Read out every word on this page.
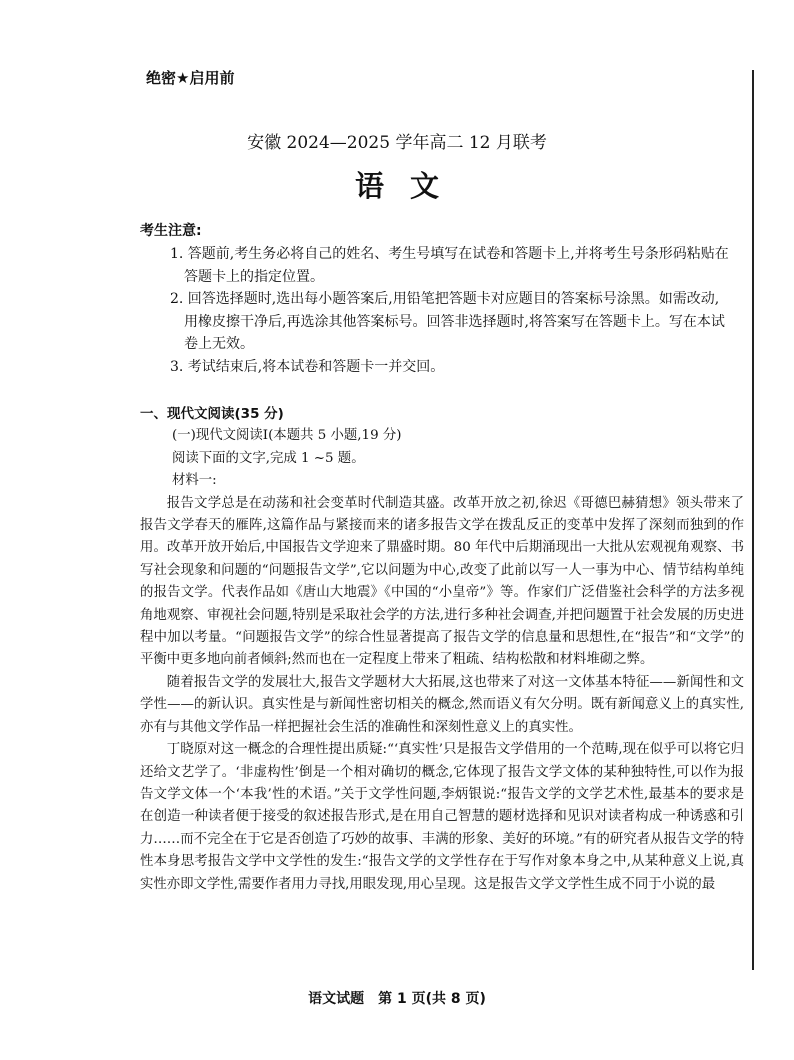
绝密★启用前
安徽 2024—2025 学年高二 12 月联考
语文
考生注意:
1. 答题前,考生务必将自己的姓名、考生号填写在试卷和答题卡上,并将考生号条形码粘贴在答题卡上的指定位置。
2. 回答选择题时,选出每小题答案后,用铅笔把答题卡对应题目的答案标号涂黑。如需改动,用橡皮擦干净后,再选涂其他答案标号。回答非选择题时,将答案写在答题卡上。写在本试卷上无效。
3. 考试结束后,将本试卷和答题卡一并交回。

一、现代文阅读(35 分)

(一)现代文阅读Ⅰ(本题共 5 小题,19 分)

阅读下面的文字,完成 1 ~5 题。

材料一:

报告文学总是在动荡和社会变革时代制造其盛。改革开放之初,徐迟《哥德巴赫猜想》领头带来了报告文学春天的雁阵,这篇作品与紧接而来的诸多报告文学在拨乱反正的变革中发挥了深刻而独到的作用。改革开放开始后,中国报告文学迎来了鼎盛时期。80 年代中后期涌现出一大批从宏观视角观察、书写社会现象和问题的“问题报告文学”,它以问题为中心,改变了此前以写一人一事为中心、情节结构单纯的报告文学。代表作品如《唐山大地震》《中国的“小皇帝”》等。作家们广泛借鉴社会科学的方法多视角地观察、审视社会问题,特别是采取社会学的方法,进行多种社会调查,并把问题置于社会发展的历史进程中加以考量。“问题报告文学”的综合性显著提高了报告文学的信息量和思想性,在“报告”和“文学”的平衡中更多地向前者倾斜;然而也在一定程度上带来了粗疏、结构松散和材料堆砌之弊。

随着报告文学的发展壮大,报告文学题材大大拓展,这也带来了对这一文体基本特征——新闻性和文学性——的新认识。真实性是与新闻性密切相关的概念,然而语义有欠分明。既有新闻意义上的真实性,亦有与其他文学作品一样把握社会生活的准确性和深刻性意义上的真实性。

丁晓原对这一概念的合理性提出质疑:“‘真实性’只是报告文学借用的一个范畴,现在似乎可以将它归还给文艺学了。‘非虚构性’倒是一个相对确切的概念,它体现了报告文学文体的某种独特性,可以作为报告文学文体一个‘本我’性的术语。”关于文学性问题,李炳银说:“报告文学的文学艺术性,最基本的要求是在创造一种读者便于接受的叙述报告形式,是在用自己智慧的题材选择和见识对读者构成一种诱惑和引力……而不完全在于它是否创造了巧妙的故事、丰满的形象、美好的环境。”有的研究者从报告文学的特性本身思考报告文学中文学性的发生:“报告文学的文学性存在于写作对象本身之中,从某种意义上说,真实性亦即文学性,需要作者用力寻找,用眼发现,用心呈现。这是报告文学文学性生成不同于小说的最

语文试题　第 1 页(共 8 页)
